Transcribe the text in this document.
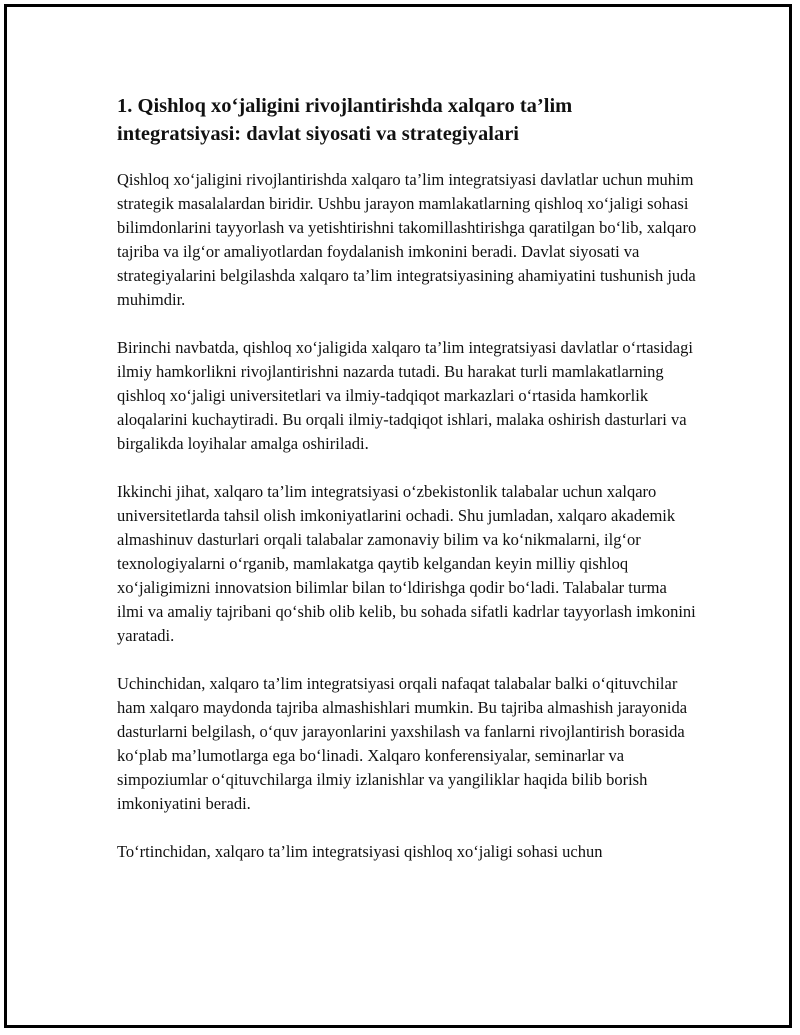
1. Qishloq xo‘jaligini rivojlantirishda xalqaro ta’lim integratsiyasi: davlat siyosati va strategiyalari

Qishloq xo‘jaligini rivojlantirishda xalqaro ta’lim integratsiyasi davlatlar uchun muhim strategik masalalardan biridir. Ushbu jarayon mamlakatlarning qishloq xo‘jaligi sohasi bilimdonlarini tayyorlash va yetishtirishni takomillashtirishga qaratilgan bo‘lib, xalqaro tajriba va ilg‘or amaliyotlardan foydalanish imkonini beradi. Davlat siyosati va strategiyalarini belgilashda xalqaro ta’lim integratsiyasining ahamiyatini tushunish juda muhimdir.

Birinchi navbatda, qishloq xo‘jaligida xalqaro ta’lim integratsiyasi davlatlar o‘rtasidagi ilmiy hamkorlikni rivojlantirishni nazarda tutadi. Bu harakat turli mamlakatlarning qishloq xo‘jaligi universitetlari va ilmiy-tadqiqot markazlari o‘rtasida hamkorlik aloqalarini kuchaytiradi. Bu orqali ilmiy-tadqiqot ishlari, malaka oshirish dasturlari va birgalikda loyihalar amalga oshiriladi.

Ikkinchi jihat, xalqaro ta’lim integratsiyasi o‘zbekistonlik talabalar uchun xalqaro universitetlarda tahsil olish imkoniyatlarini ochadi. Shu jumladan, xalqaro akademik almashinuv dasturlari orqali talabalar zamonaviy bilim va ko‘nikmalarni, ilg‘or texnologiyalarni o‘rganib, mamlakatga qaytib kelgandan keyin milliy qishloq xo‘jaligimizni innovatsion bilimlar bilan to‘ldirishga qodir bo‘ladi. Talabalar turma ilmi va amaliy tajribani qo‘shib olib kelib, bu sohada sifatli kadrlar tayyorlash imkonini yaratadi.

Uchinchidan, xalqaro ta’lim integratsiyasi orqali nafaqat talabalar balki o‘qituvchilar ham xalqaro maydonda tajriba almashishlari mumkin. Bu tajriba almashish jarayonida dasturlarni belgilash, o‘quv jarayonlarini yaxshilash va fanlarni rivojlantirish borasida ko‘plab ma’lumotlarga ega bo‘linadi. Xalqaro konferensiyalar, seminarlar va simpoziumlar o‘qituvchilarga ilmiy izlanishlar va yangiliklar haqida bilib borish imkoniyatini beradi.

To‘rtinchidan, xalqaro ta’lim integratsiyasi qishloq xo‘jaligi sohasi uchun
